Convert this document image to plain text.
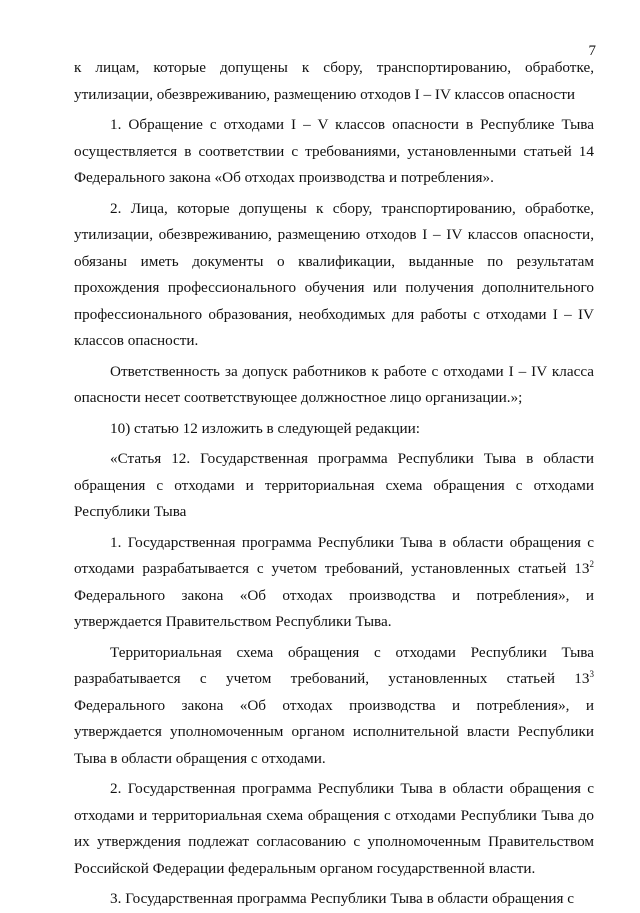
7

к лицам, которые допущены к сбору, транспортированию, обработке, утилизации, обезвреживанию, размещению отходов I – IV классов опасности

1. Обращение с отходами I – V классов опасности в Республике Тыва осуществляется в соответствии с требованиями, установленными статьей 14 Федерального закона «Об отходах производства и потребления».

2. Лица, которые допущены к сбору, транспортированию, обработке, утилизации, обезвреживанию, размещению отходов I – IV классов опасности, обязаны иметь документы о квалификации, выданные по результатам прохождения профессионального обучения или получения дополнительного профессионального образования, необходимых для работы с отходами I – IV классов опасности.

Ответственность за допуск работников к работе с отходами I – IV класса опасности несет соответствующее должностное лицо организации.»;

10) статью 12 изложить в следующей редакции:

«Статья 12. Государственная программа Республики Тыва в области обращения с отходами и территориальная схема обращения с отходами Республики Тыва

1. Государственная программа Республики Тыва в области обращения с отходами разрабатывается с учетом требований, установленных статьей $13^2$ Федерального закона «Об отходах производства и потребления», и утверждается Правительством Республики Тыва.

Территориальная схема обращения с отходами Республики Тыва разрабатывается с учетом требований, установленных статьей $13^3$ Федерального закона «Об отходах производства и потребления», и утверждается уполномоченным органом исполнительной власти Республики Тыва в области обращения с отходами.

2. Государственная программа Республики Тыва в области обращения с отходами и территориальная схема обращения с отходами Республики Тыва до их утверждения подлежат согласованию с уполномоченным Правительством Российской Федерации федеральным органом государственной власти.

3. Государственная программа Республики Тыва в области обращения с
